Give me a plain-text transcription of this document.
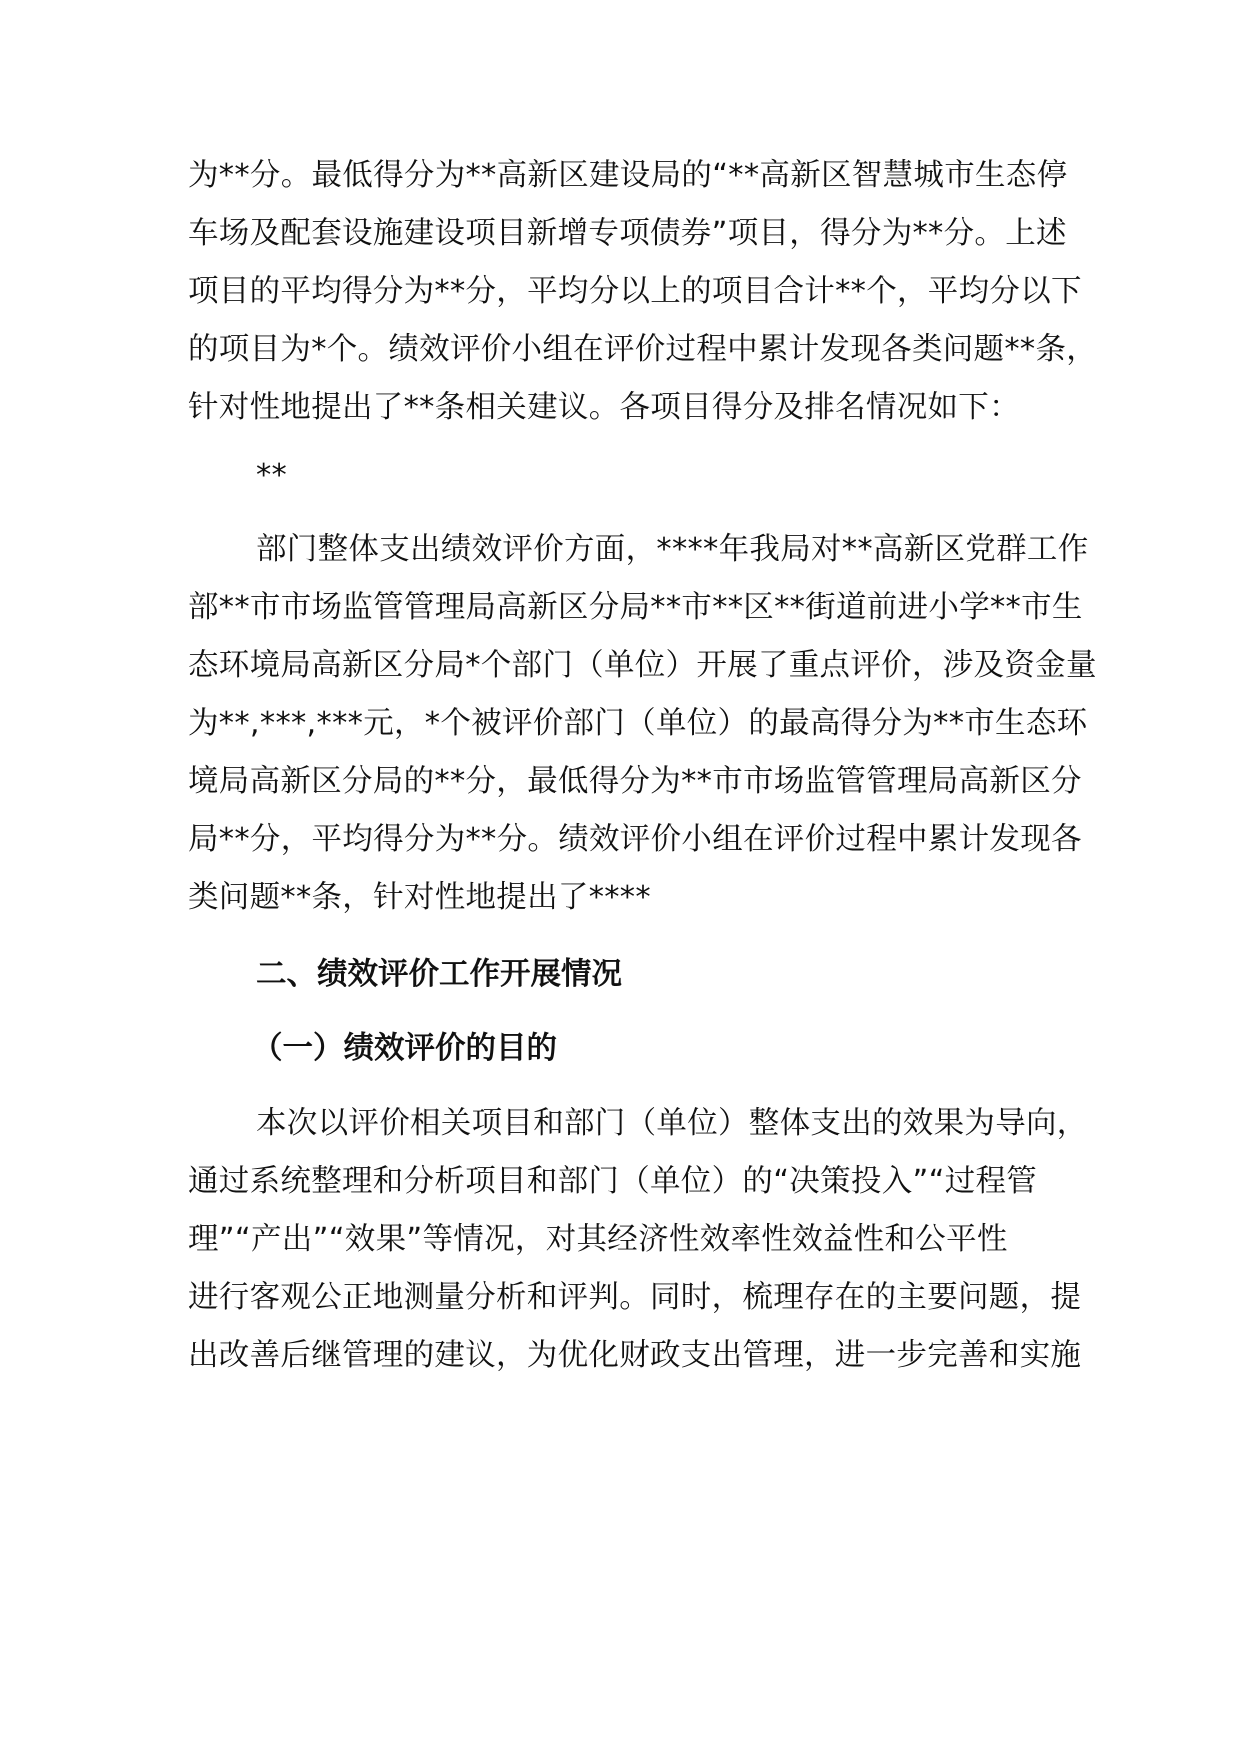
为**分。最低得分为**高新区建设局的“**高新区智慧城市生态停
车场及配套设施建设项目新增专项债券”项目，得分为**分。上述
项目的平均得分为**分，平均分以上的项目合计**个，平均分以下
的项目为*个。绩效评价小组在评价过程中累计发现各类问题**条，
针对性地提出了**条相关建议。各项目得分及排名情况如下：
**
部门整体支出绩效评价方面，****年我局对**高新区党群工作
部**市市场监管管理局高新区分局**市**区**街道前进小学**市生
态环境局高新区分局*个部门（单位）开展了重点评价，涉及资金量
为**,***,***元，*个被评价部门（单位）的最高得分为**市生态环
境局高新区分局的**分，最低得分为**市市场监管管理局高新区分
局**分，平均得分为**分。绩效评价小组在评价过程中累计发现各
类问题**条，针对性地提出了****
二、绩效评价工作开展情况
（一）绩效评价的目的
本次以评价相关项目和部门（单位）整体支出的效果为导向，
通过系统整理和分析项目和部门（单位）的“决策投入”“过程管
理”“产出”“效果”等情况，对其经济性效率性效益性和公平性
进行客观公正地测量分析和评判。同时，梳理存在的主要问题，提
出改善后继管理的建议，为优化财政支出管理，进一步完善和实施
